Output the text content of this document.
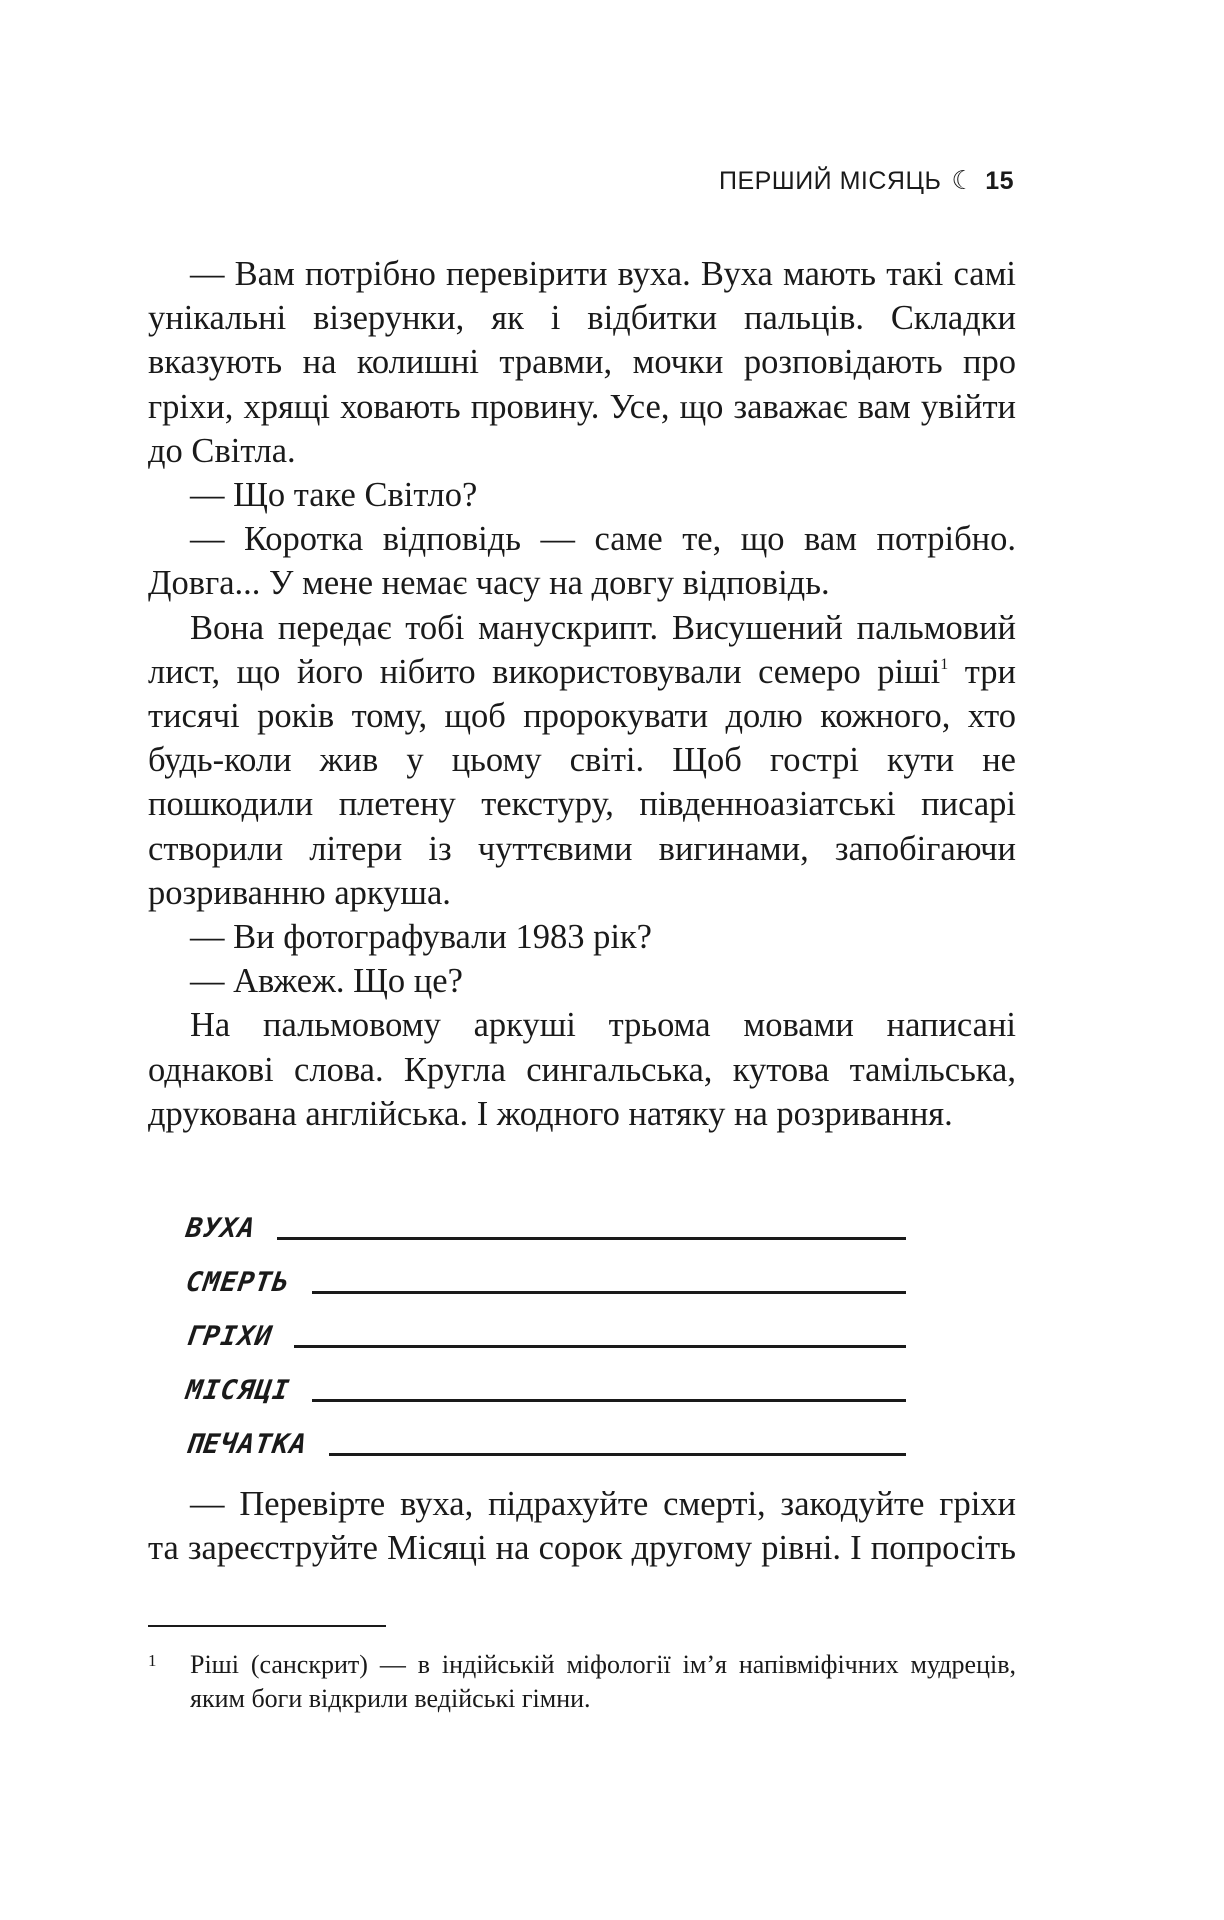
ПЕРШИЙ МІСЯЦЬ ☾ 15

— Вам потрібно перевірити вуха. Вуха мають такі самі унікальні візерунки, як і відбитки пальців. Складки вказують на колишні травми, мочки розповідають про гріхи, хрящі ховають провину. Усе, що заважає вам увійти до Світла.

— Що таке Світло?

— Коротка відповідь — саме те, що вам потрібно. Довга... У мене немає часу на довгу відповідь.

Вона передає тобі манускрипт. Висушений пальмовий лист, що його нібито використовували семеро ріші$^1$ три тисячі років тому, щоб пророкувати долю кожного, хто будь-коли жив у цьому світі. Щоб гострі кути не пошкодили плетену текстуру, південноазіатські писарі створили літери із чуттєвими вигинами, запобігаючи розриванню аркуша.

— Ви фотографували 1983 рік?

— Авжеж. Що це?

На пальмовому аркуші трьома мовами написані однакові слова. Кругла сингальська, кутова тамільська, друкована англійська. І жодного натяку на розривання.

ВУХА
СМЕРТЬ
ГРІХИ
МІСЯЦІ
ПЕЧАТКА

— Перевірте вуха, підрахуйте смерті, закодуйте гріхи та зареєструйте Місяці на сорок другому рівні. І попросіть

1 Ріші (санскрит) — в індійській міфології ім’я напівміфічних мудреців, яким боги відкрили ведійські гімни.
